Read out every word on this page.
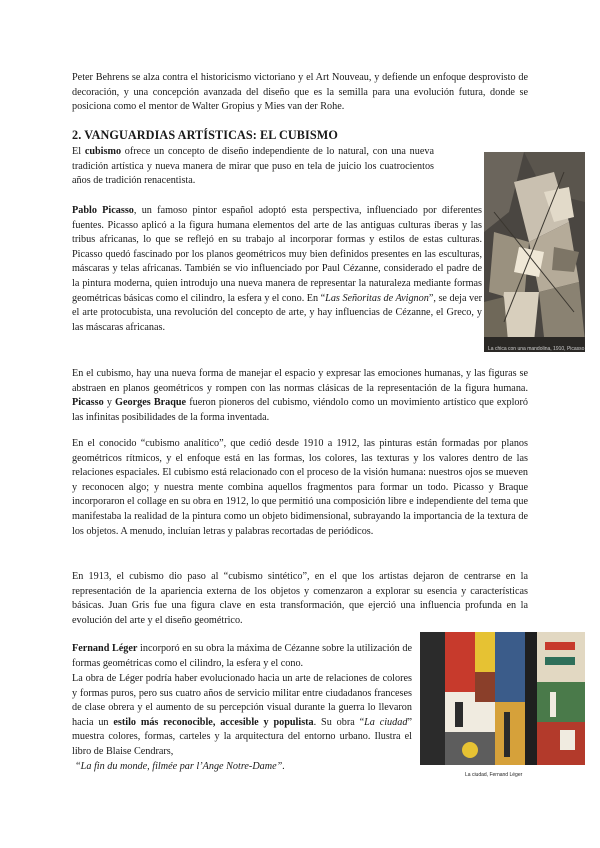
Peter Behrens se alza contra el historicismo victoriano y el Art Nouveau, y defiende un enfoque desprovisto de decoración, y una concepción avanzada del diseño que es la semilla para una evolución futura, donde se posiciona como el mentor de Walter Gropius y Mies van der Rohe.

2. VANGUARDIAS ARTÍSTICAS: EL CUBISMO

El cubismo ofrece un concepto de diseño independiente de lo natural, con una nueva tradición artística y nueva manera de mirar que puso en tela de juicio los cuatrocientos años de tradición renacentista.

Pablo Picasso, un famoso pintor español adoptó esta perspectiva, influenciado por diferentes fuentes. Picasso aplicó a la figura humana elementos del arte de las antiguas culturas íberas y las tribus africanas, lo que se reflejó en su trabajo al incorporar formas y estilos de estas culturas. Picasso quedó fascinado por los planos geométricos muy bien definidos presentes en las esculturas, máscaras y telas africanas. También se vio influenciado por Paul Cézanne, considerado el padre de la pintura moderna, quien introdujo una nueva manera de representar la naturaleza mediante formas geométricas básicas como el cilindro, la esfera y el cono. En “Las Señoritas de Avignon”, se deja ver el arte protocubista, una revolución del concepto de arte, y hay influencias de Cézanne, el Greco, y las máscaras africanas.

La chica con una mandolina, 1910, Picasso

En el cubismo, hay una nueva forma de manejar el espacio y expresar las emociones humanas, y las figuras se abstraen en planos geométricos y rompen con las normas clásicas de la representación de la figura humana. Picasso y Georges Braque fueron pioneros del cubismo, viéndolo como un movimiento artístico que exploró las infinitas posibilidades de la forma inventada.

En el conocido “cubismo analítico”, que cedió desde 1910 a 1912, las pinturas están formadas por planos geométricos rítmicos, y el enfoque está en las formas, los colores, las texturas y los valores dentro de las relaciones espaciales. El cubismo está relacionado con el proceso de la visión humana: nuestros ojos se mueven y reconocen algo; y nuestra mente combina aquellos fragmentos para formar un todo. Picasso y Braque incorporaron el collage en su obra en 1912, lo que permitió una composición libre e independiente del tema que manifestaba la realidad de la pintura como un objeto bidimensional, subrayando la importancia de la textura de los objetos. A menudo, incluían letras y palabras recortadas de periódicos.

En 1913, el cubismo dio paso al “cubismo sintético”, en el que los artistas dejaron de centrarse en la representación de la apariencia externa de los objetos y comenzaron a explorar su esencia y características básicas. Juan Gris fue una figura clave en esta transformación, que ejerció una influencia profunda en la evolución del arte y el diseño geométrico.

Fernand Léger incorporó en su obra la máxima de Cézanne sobre la utilización de formas geométricas como el cilindro, la esfera y el cono.

La obra de Léger podría haber evolucionado hacia un arte de relaciones de colores y formas puros, pero sus cuatro años de servicio militar entre ciudadanos franceses de clase obrera y el aumento de su percepción visual durante la guerra lo llevaron hacia un estilo más reconocible, accesible y populista. Su obra “La ciudad” muestra colores, formas, carteles y la arquitectura del entorno urbano. Ilustra el libro de Blaise Cendrars,
“La fin du monde, filmée par l’Ange Notre-Dame”.

La ciudad, Fernand Léger
